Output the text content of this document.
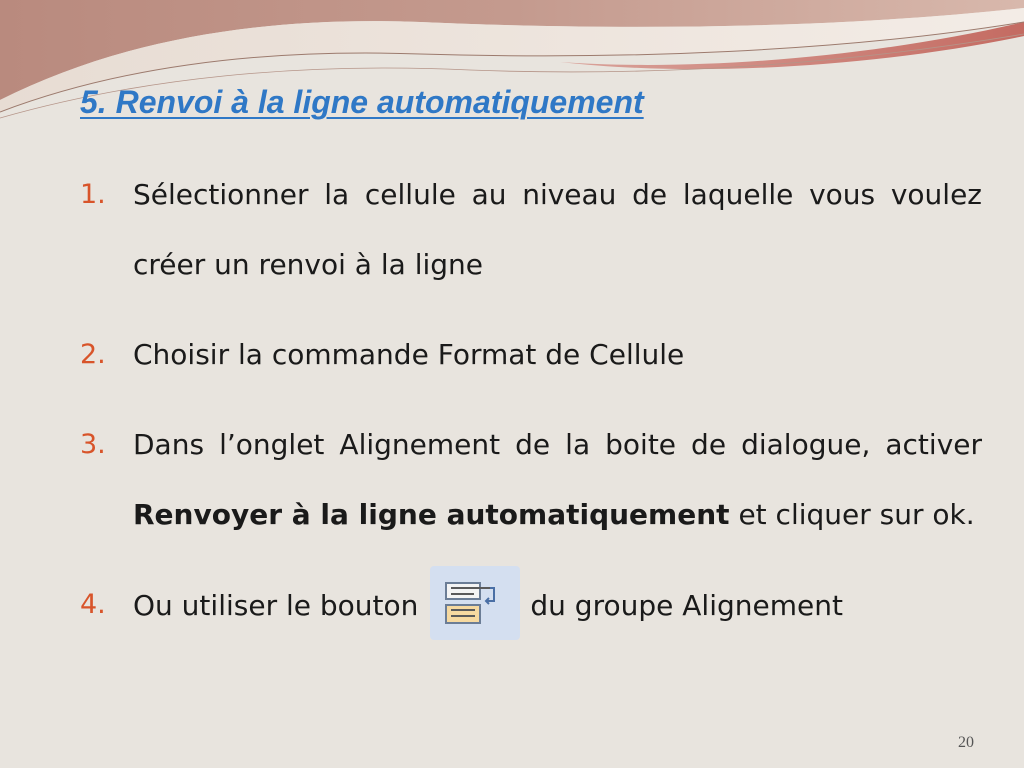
5. Renvoi à la ligne automatiquement
1. Sélectionner la cellule au niveau de laquelle vous voulez créer un renvoi à la ligne
2. Choisir la commande Format de Cellule
3. Dans l’onglet Alignement de la boite de dialogue, activer Renvoyer à la ligne automatiquement et cliquer sur ok.
4. Ou utiliser le bouton	du groupe Alignement
20
